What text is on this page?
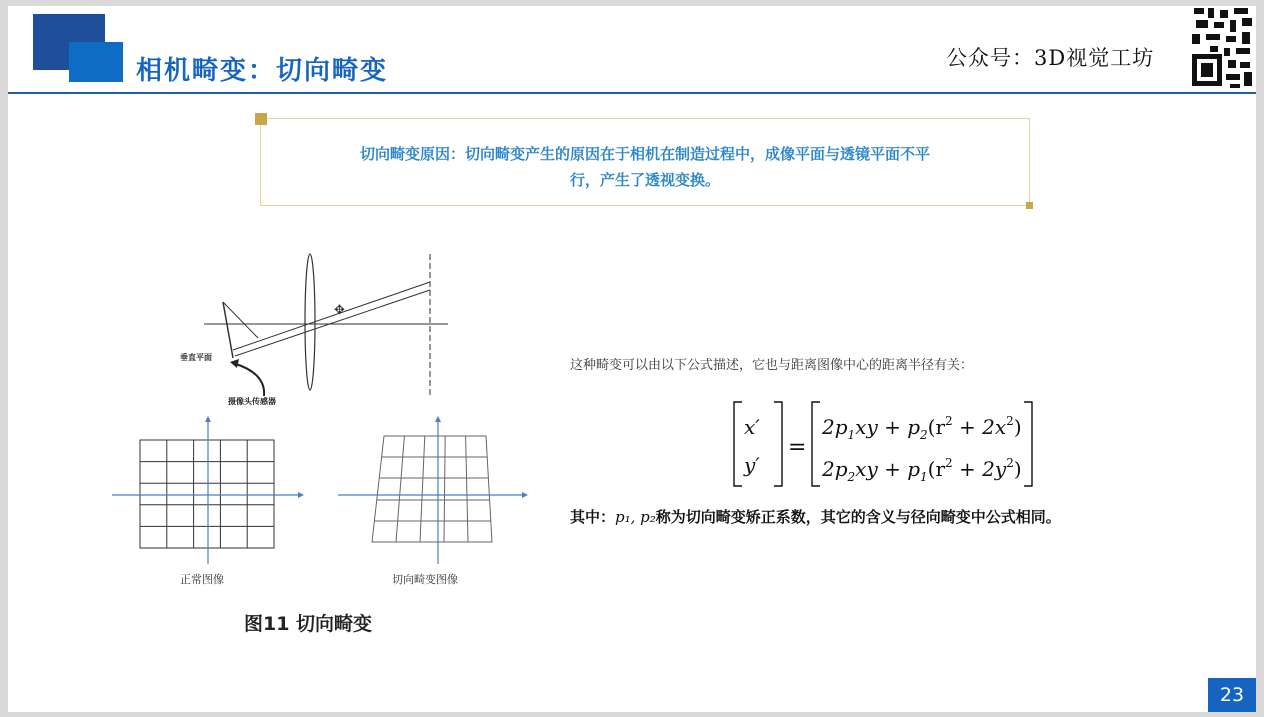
相机畸变：切向畸变	公众号：3D视觉工坊
切向畸变原因：切向畸变产生的原因在于相机在制造过程中，成像平面与透镜平面不平
行，产生了透视变换。
✥
垂直平面
摄像头传感器
正常图像	切向畸变图像
图11 切向畸变
这种畸变可以由以下公式描述，它也与距离图像中心的距离半径有关：
x′
y′
=
$2p_1xy + p_2(r^2 + 2x^2)$
$2p_2xy + p_1(r^2 + 2y^2)$
其中：p₁, p₂称为切向畸变矫正系数，其它的含义与径向畸变中公式相同。
23
